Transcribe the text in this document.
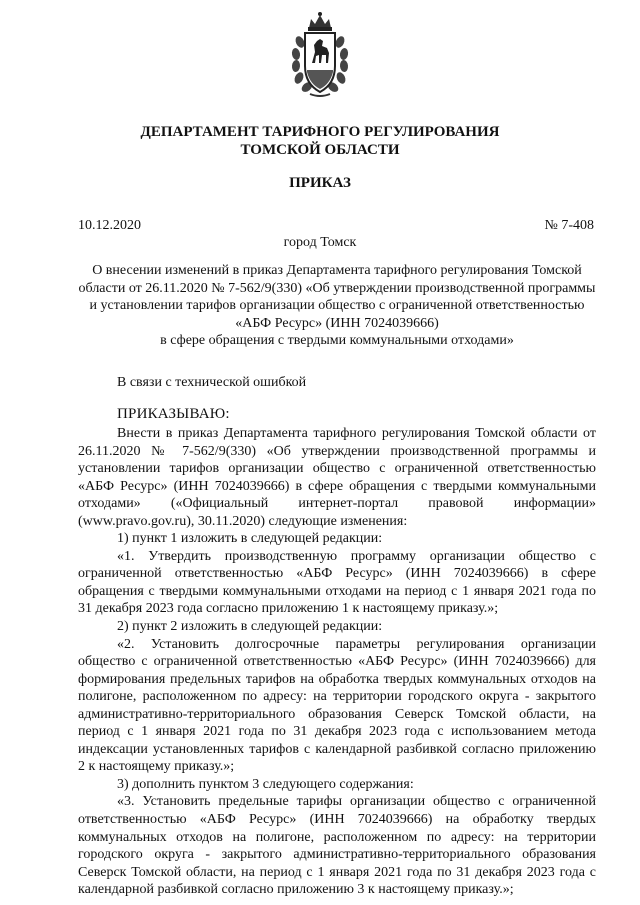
ДЕПАРТАМЕНТ ТАРИФНОГО РЕГУЛИРОВАНИЯ
ТОМСКОЙ ОБЛАСТИ
ПРИКАЗ
10.12.2020	№ 7-408
город Томск
О внесении изменений в приказ Департамента тарифного регулирования Томской
области от 26.11.2020 № 7-562/9(330) «Об утверждении производственной программы
и установлении тарифов организации общество с ограниченной ответственностью
«АБФ Ресурс» (ИНН 7024039666)
в сфере обращения с твердыми коммунальными отходами»
В связи с технической ошибкой
ПРИКАЗЫВАЮ:

Внести в приказ Департамента тарифного регулирования Томской области от
26.11.2020 № 7-562/9(330) «Об утверждении производственной программы и
установлении тарифов организации общество с ограниченной ответственностью
«АБФ Ресурс» (ИНН 7024039666) в сфере обращения с твердыми коммунальными
отходами» («Официальный интернет-портал правовой информации»
(www.pravo.gov.ru), 30.11.2020) следующие изменения:

1) пункт 1 изложить в следующей редакции:

«1. Утвердить производственную программу организации общество с
ограниченной ответственностью «АБФ Ресурс» (ИНН 7024039666) в сфере
обращения с твердыми коммунальными отходами на период с 1 января 2021 года по
31 декабря 2023 года согласно приложению 1 к настоящему приказу.»;

2) пункт 2 изложить в следующей редакции:

«2. Установить долгосрочные параметры регулирования организации
общество с ограниченной ответственностью «АБФ Ресурс» (ИНН 7024039666) для
формирования предельных тарифов на обработка твердых коммунальных отходов на
полигоне, расположенном по адресу: на территории городского округа - закрытого
административно-территориального образования Северск Томской области, на
период с 1 января 2021 года по 31 декабря 2023 года с использованием метода
индексации установленных тарифов с календарной разбивкой согласно приложению
2 к настоящему приказу.»;

3) дополнить пунктом 3 следующего содержания:

«3. Установить предельные тарифы организации общество с ограниченной
ответственностью «АБФ Ресурс» (ИНН 7024039666) на обработку твердых
коммунальных отходов на полигоне, расположенном по адресу: на территории
городского округа - закрытого административно-территориального образования
Северск Томской области, на период с 1 января 2021 года по 31 декабря 2023 года с
календарной разбивкой согласно приложению 3 к настоящему приказу.»;
